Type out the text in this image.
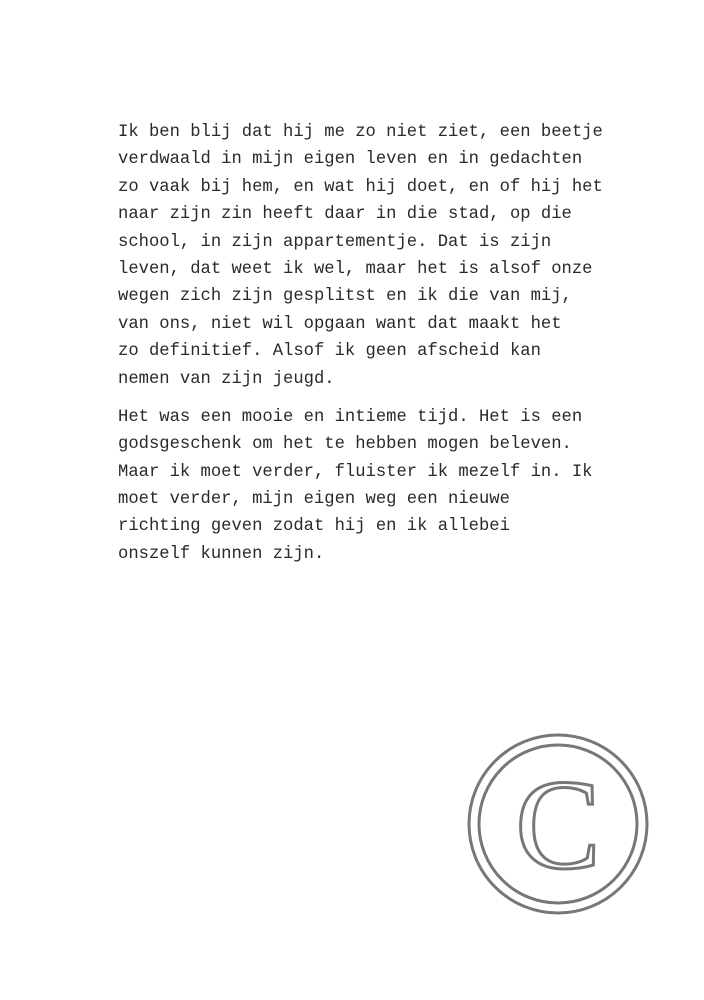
Ik ben blij dat hij me zo niet ziet, een beetje
verdwaald in mijn eigen leven en in gedachten
zo vaak bij hem, en wat hij doet, en of hij het
naar zijn zin heeft daar in die stad, op die
school, in zijn appartementje. Dat is zijn
leven, dat weet ik wel, maar het is alsof onze
wegen zich zijn gesplitst en ik die van mij,
van ons, niet wil opgaan want dat maakt het
zo definitief. Alsof ik geen afscheid kan
nemen van zijn jeugd.
Het was een mooie en intieme tijd. Het is een
godsgeschenk om het te hebben mogen beleven.
Maar ik moet verder, fluister ik mezelf in. Ik
moet verder, mijn eigen weg een nieuwe
richting geven zodat hij en ik allebei
onszelf kunnen zijn.
C
